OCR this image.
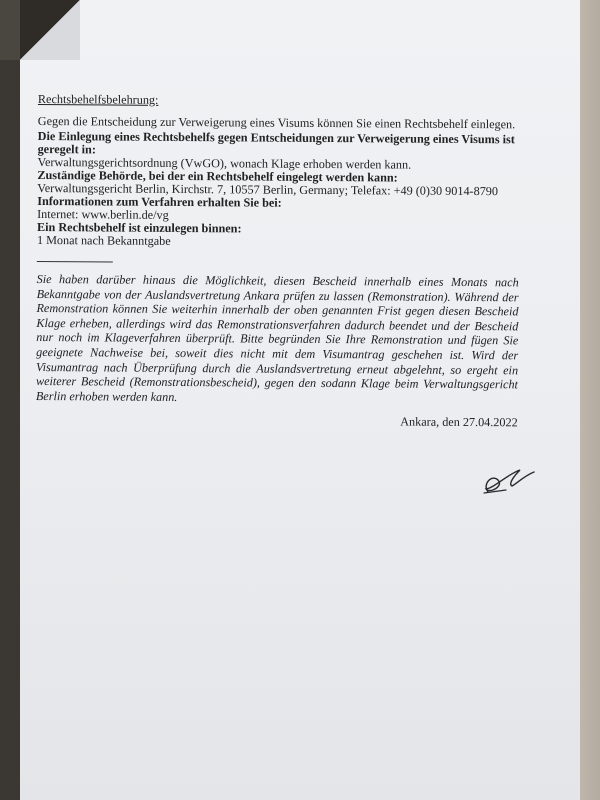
Rechtsbehelfsbelehrung:

Gegen die Entscheidung zur Verweigerung eines Visums können Sie einen Rechtsbehelf einlegen.

Die Einlegung eines Rechtsbehelfs gegen Entscheidungen zur Verweigerung eines Visums ist geregelt in:

Verwaltungsgerichtsordnung (VwGO), wonach Klage erhoben werden kann.

Zuständige Behörde, bei der ein Rechtsbehelf eingelegt werden kann:

Verwaltungsgericht Berlin, Kirchstr. 7, 10557 Berlin, Germany; Telefax: +49 (0)30 9014-8790

Informationen zum Verfahren erhalten Sie bei:

Internet: www.berlin.de/vg

Ein Rechtsbehelf ist einzulegen binnen:

1 Monat nach Bekanntgabe

Sie haben darüber hinaus die Möglichkeit, diesen Bescheid innerhalb eines Monats nach Bekanntgabe von der Auslandsvertretung Ankara prüfen zu lassen (Remonstration). Während der Remonstration können Sie weiterhin innerhalb der oben genannten Frist gegen diesen Bescheid Klage erheben, allerdings wird das Remonstrationsverfahren dadurch beendet und der Bescheid nur noch im Klageverfahren überprüft. Bitte begründen Sie Ihre Remonstration und fügen Sie geeignete Nachweise bei, soweit dies nicht mit dem Visumantrag geschehen ist. Wird der Visumantrag nach Überprüfung durch die Auslandsvertretung erneut abgelehnt, so ergeht ein weiterer Bescheid (Remonstrationsbescheid), gegen den sodann Klage beim Verwaltungsgericht Berlin erhoben werden kann.

Ankara, den 27.04.2022
